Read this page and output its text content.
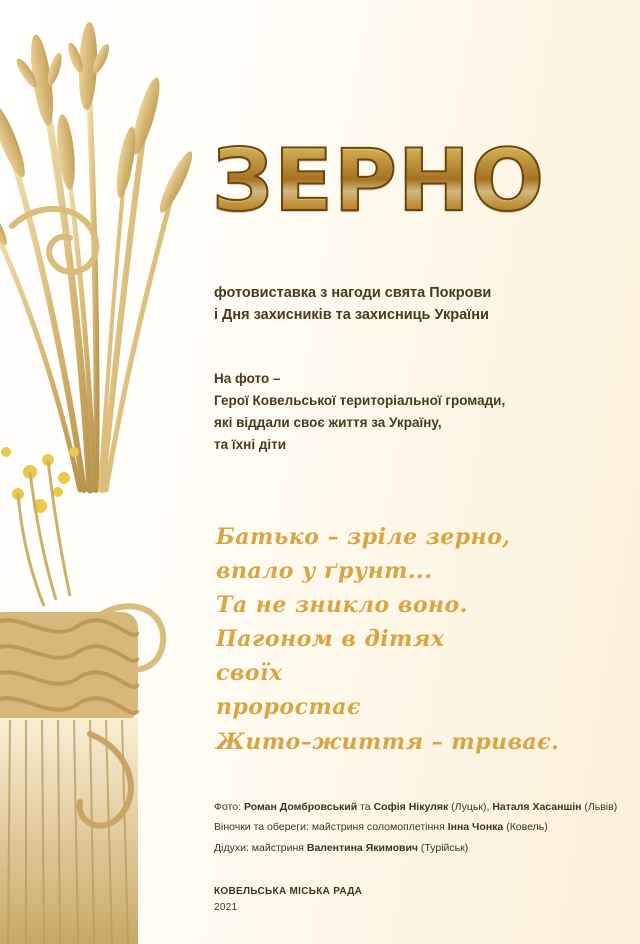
ЗЕРНО
фотовиставка з нагоди свята Покрови
і Дня захисників та захисниць України
На фото –
Герої Ковельської територіальної громади,
які віддали своє життя за Україну,
та їхні діти
Батько – зріле зерно,
впало у ґрунт...
Та не зникло воно.
Пагоном в дітях
своїх
проростає
Жито–життя – триває.
Фото: Роман Домбровський та Софія Нікуляк (Луцьк), Наталя Хасаншін (Львів)
Віночки та обереги: майстриня соломоплетіння Інна Чонка (Ковель)
Дідухи: майстриня Валентина Якимович (Турійськ)
КОВЕЛЬСЬКА МІСЬКА РАДА
2021
